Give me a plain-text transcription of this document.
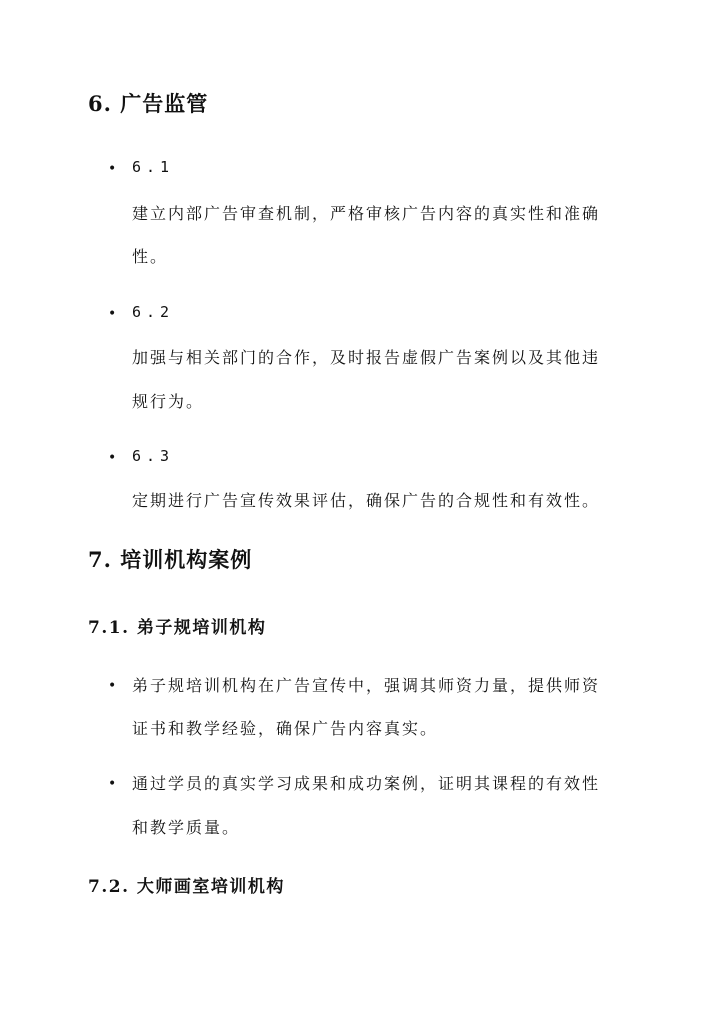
6. 广告监管
• 6.1
建立内部广告审查机制，严格审核广告内容的真实性和准确
性。
• 6.2
加强与相关部门的合作，及时报告虚假广告案例以及其他违
规行为。
• 6.3
定期进行广告宣传效果评估，确保广告的合规性和有效性。
7. 培训机构案例
7.1. 弟子规培训机构
• 弟子规培训机构在广告宣传中，强调其师资力量，提供师资
证书和教学经验，确保广告内容真实。
• 通过学员的真实学习成果和成功案例，证明其课程的有效性
和教学质量。
7.2. 大师画室培训机构
